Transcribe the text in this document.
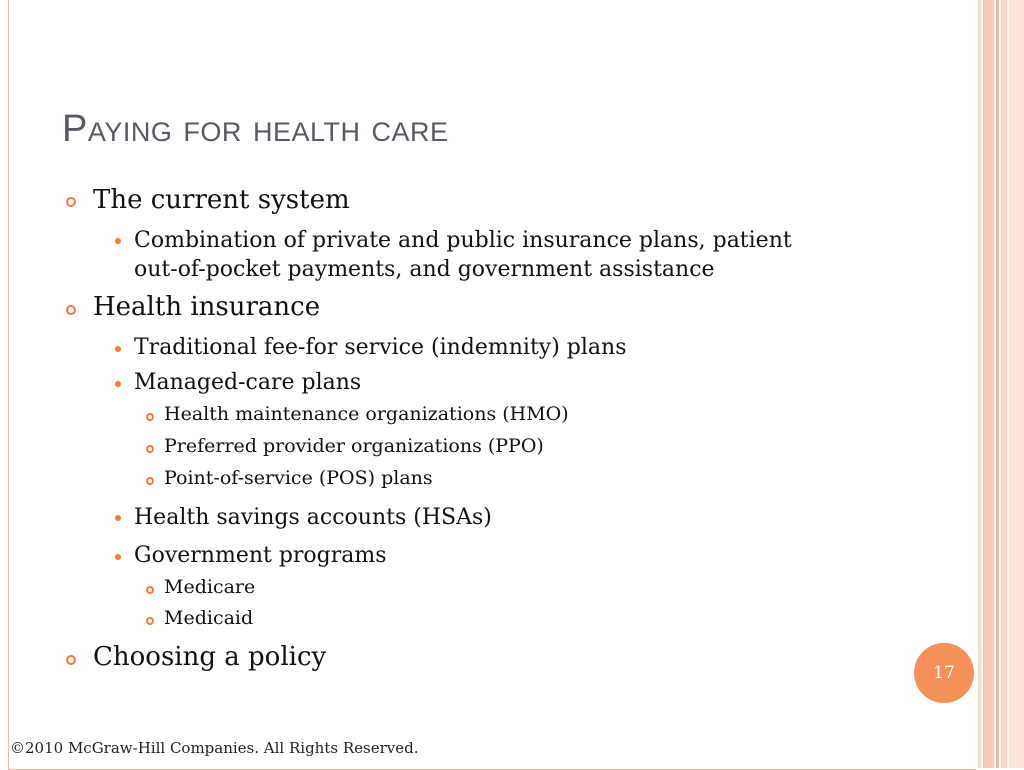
Paying for health care
The current system
Combination of private and public insurance plans, patient
out-of-pocket payments, and government assistance
Health insurance
Traditional fee-for service (indemnity) plans
Managed-care plans
Health maintenance organizations (HMO)
Preferred provider organizations (PPO)
Point-of-service (POS) plans
Health savings accounts (HSAs)
Government programs
Medicare
Medicaid
Choosing a policy
17
©2010 McGraw-Hill Companies. All Rights Reserved.
